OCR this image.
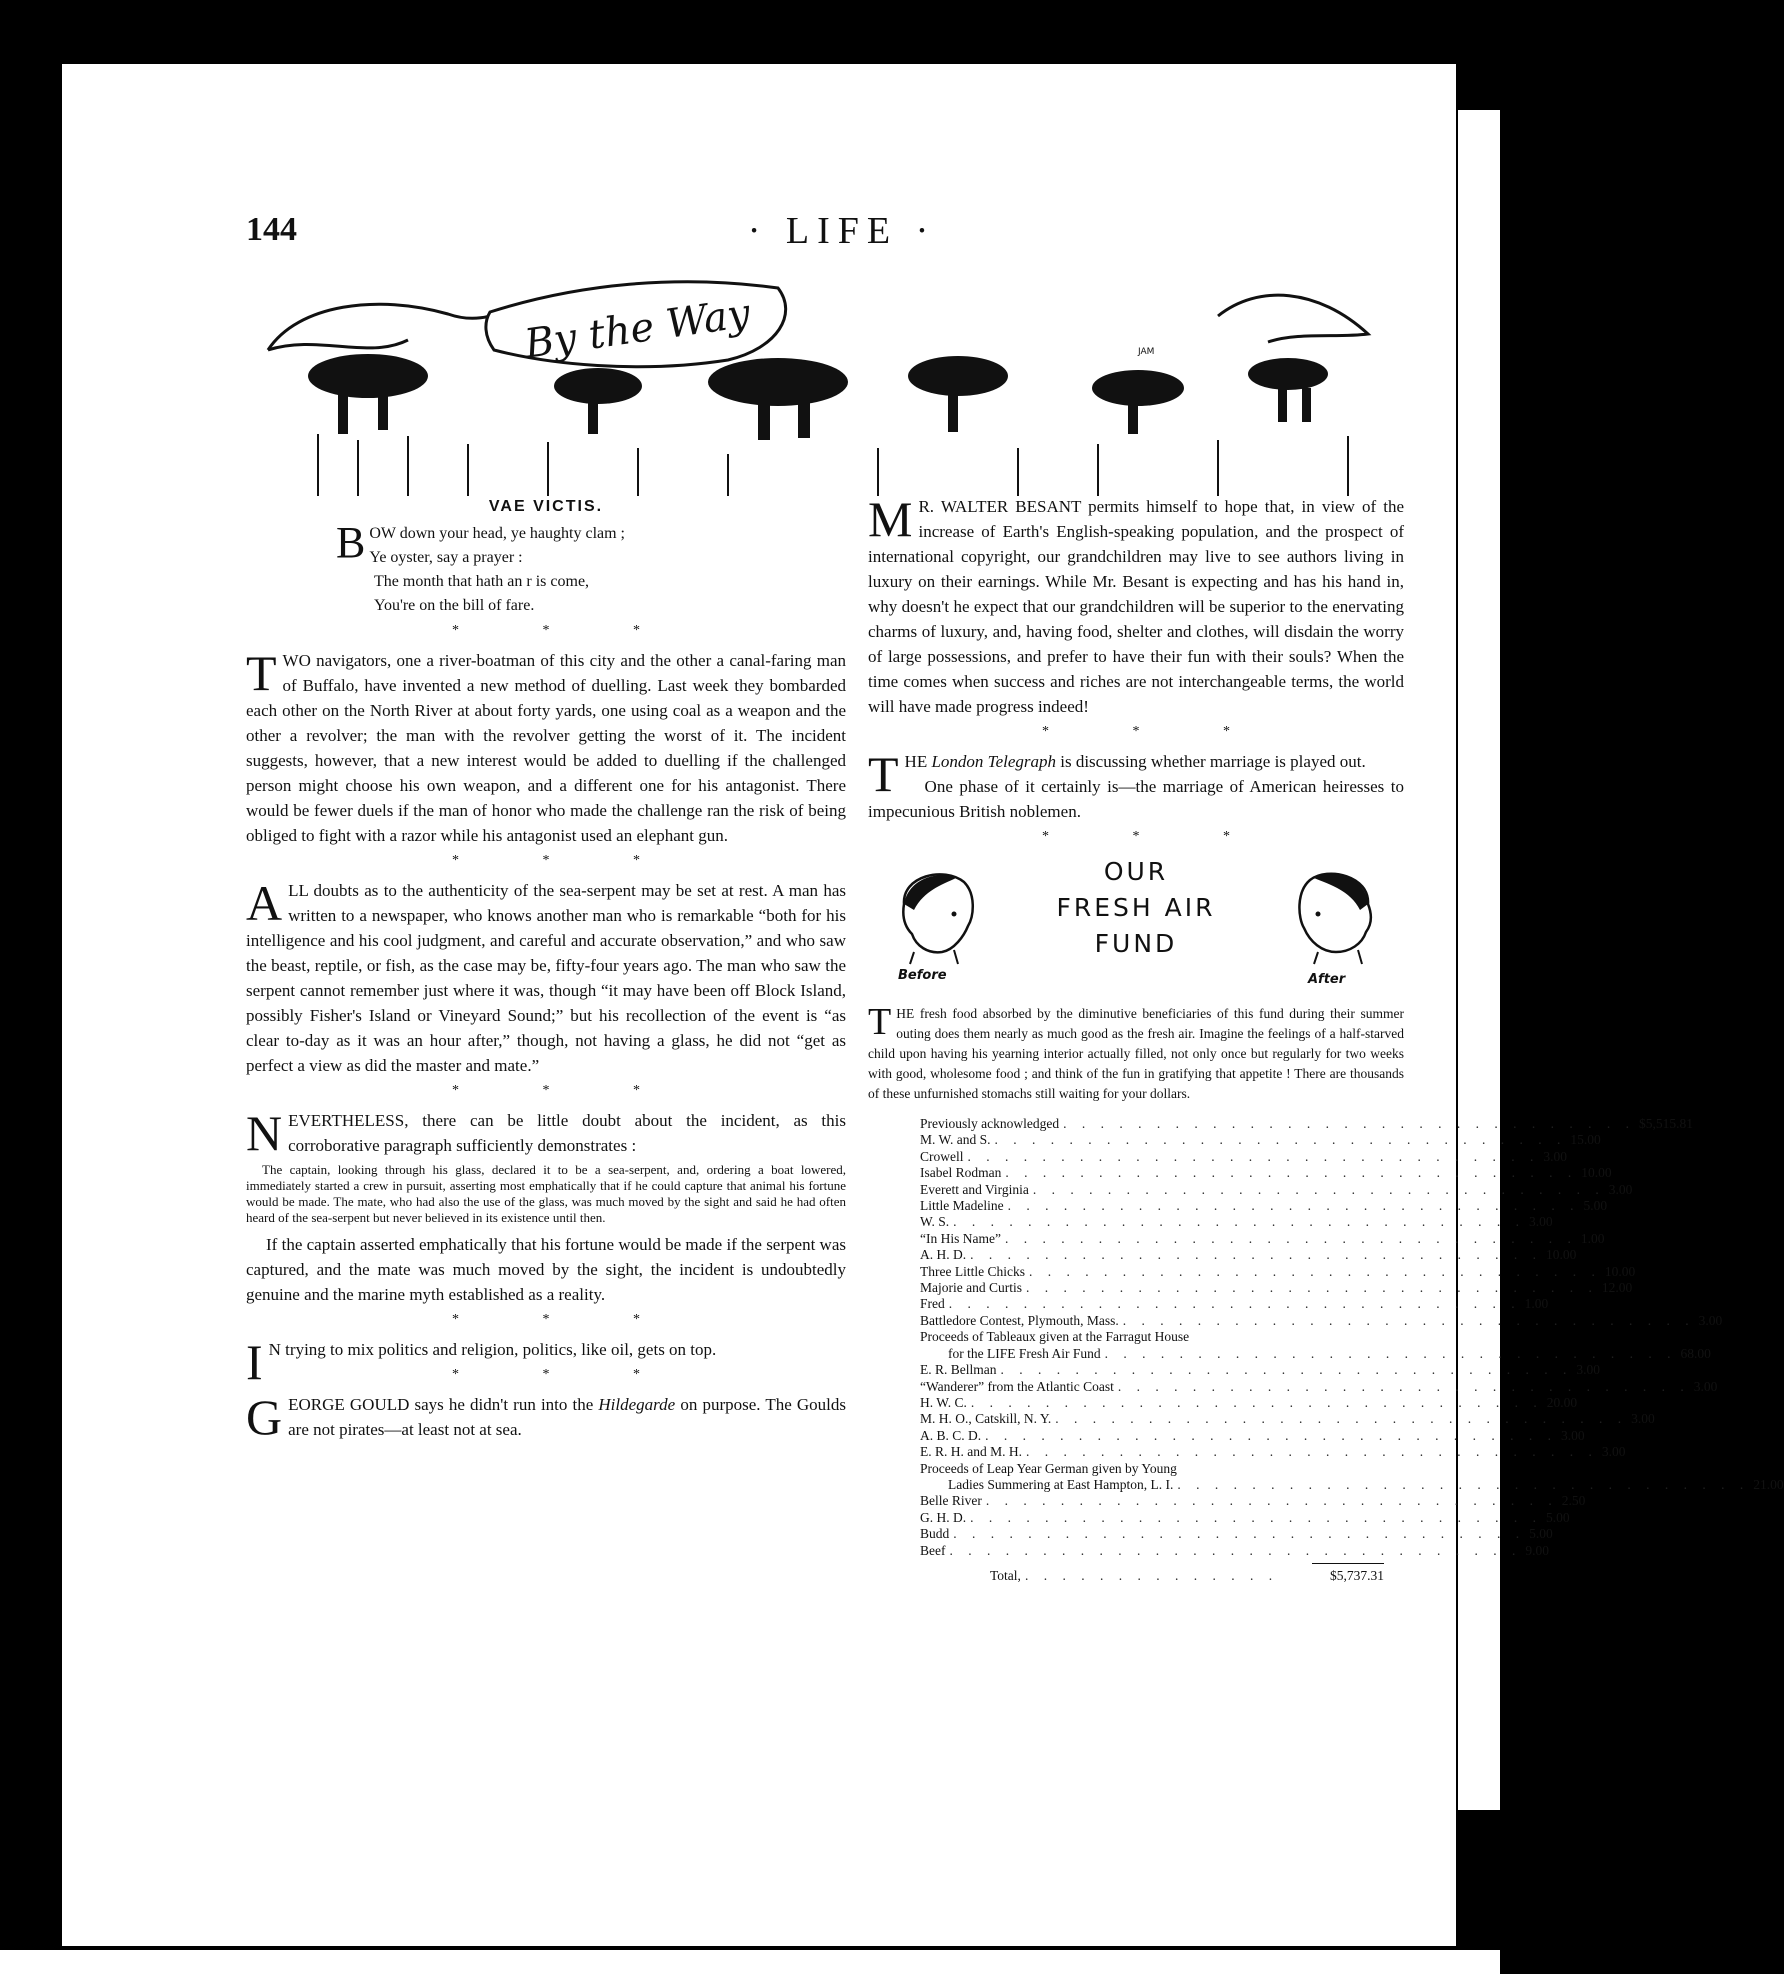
144	· LIFE ·
By the Way	JAM
VAE VICTIS.
B OW down your head, ye haughty clam ;
Ye oyster, say a prayer :
The month that hath an r is come,
You're on the bill of fare.
* * *

TWO navigators, one a river-boatman of this city and the other a canal-faring man of Buffalo, have invented a new method of duelling. Last week they bombarded each other on the North River at about forty yards, one using coal as a weapon and the other a revolver; the man with the revolver getting the worst of it. The incident suggests, however, that a new interest would be added to duelling if the challenged person might choose his own weapon, and a different one for his antagonist. There would be fewer duels if the man of honor who made the challenge ran the risk of being obliged to fight with a razor while his antagonist used an elephant gun.

* * *

ALL doubts as to the authenticity of the sea-serpent may be set at rest. A man has written to a newspaper, who knows another man who is remarkable “both for his intelligence and his cool judgment, and careful and accurate observation,” and who saw the beast, reptile, or fish, as the case may be, fifty-four years ago. The man who saw the serpent cannot remember just where it was, though “it may have been off Block Island, possibly Fisher's Island or Vineyard Sound;” but his recollection of the event is “as clear to-day as it was an hour after,” though, not having a glass, he did not “get as perfect a view as did the master and mate.”

* * *

NEVERTHELESS, there can be little doubt about the incident, as this corroborative paragraph sufficiently demonstrates :

The captain, looking through his glass, declared it to be a sea-serpent, and, ordering a boat lowered, immediately started a crew in pursuit, asserting most emphatically that if he could capture that animal his fortune would be made. The mate, who had also the use of the glass, was much moved by the sight and said he had often heard of the sea-serpent but never believed in its existence until then.

If the captain asserted emphatically that his fortune would be made if the serpent was captured, and the mate was much moved by the sight, the incident is undoubtedly genuine and the marine myth established as a reality.

* * *

I N trying to mix politics and religion, politics, like oil, gets on top.

* * *

GEORGE GOULD says he didn't run into the Hildegarde on purpose. The Goulds are not pirates—at least not at sea.

M R. WALTER BESANT permits himself to hope that, in view of the increase of Earth's English-speaking population, and the prospect of international copyright, our grandchildren may live to see authors living in luxury on their earnings. While Mr. Besant is expecting and has his hand in, why doesn't he expect that our grandchildren will be superior to the enervating charms of luxury, and, having food, shelter and clothes, will disdain the worry of large possessions, and prefer to have their fun with their souls? When the time comes when success and riches are not interchangeable terms, the world will have made progress indeed!

* * *

THE London Telegraph is discussing whether marriage is played out.

One phase of it certainly is—the marriage of American heiresses to impecunious British noblemen.

* * *
OUR
FRESH AIR
FUND
Before	After

THE fresh food absorbed by the diminutive beneficiaries of this fund during their summer outing does them nearly as much good as the fresh air. Imagine the feelings of a half-starved child upon having his yearning interior actually filled, not only once but regularly for two weeks with good, wholesome food ; and think of the fun in gratifying that appetite ! There are thousands of these unfurnished stomachs still waiting for your dollars.

Previously acknowledged . . . . . . . . . . . . . . . . . . . . . . . . . . . . . . . $5,515.81
M. W. and S. . . . . . . . . . . . . . . . . . . . . . . . . . . . . . . . 15.00
Crowell . . . . . . . . . . . . . . . . . . . . . . . . . . . . . . . 3.00
Isabel Rodman . . . . . . . . . . . . . . . . . . . . . . . . . . . . . . . 10.00
Everett and Virginia . . . . . . . . . . . . . . . . . . . . . . . . . . . . . . . 3.00
Little Madeline . . . . . . . . . . . . . . . . . . . . . . . . . . . . . . . 5.00
W. S. . . . . . . . . . . . . . . . . . . . . . . . . . . . . . . . 3.00
“In His Name” . . . . . . . . . . . . . . . . . . . . . . . . . . . . . . . 1.00
A. H. D. . . . . . . . . . . . . . . . . . . . . . . . . . . . . . . . 10.00
Three Little Chicks . . . . . . . . . . . . . . . . . . . . . . . . . . . . . . . 10.00
Majorie and Curtis . . . . . . . . . . . . . . . . . . . . . . . . . . . . . . . 12.00
Fred . . . . . . . . . . . . . . . . . . . . . . . . . . . . . . . 1.00
Battledore Contest, Plymouth, Mass. . . . . . . . . . . . . . . . . . . . . . . . . . . . . . . . 3.00
Proceeds of Tableaux given at the Farragut House
for the LIFE Fresh Air Fund . . . . . . . . . . . . . . . . . . . . . . . . . . . . . . . 68.00
E. R. Bellman . . . . . . . . . . . . . . . . . . . . . . . . . . . . . . . 3.00
“Wanderer” from the Atlantic Coast . . . . . . . . . . . . . . . . . . . . . . . . . . . . . . . 3.00
H. W. C. . . . . . . . . . . . . . . . . . . . . . . . . . . . . . . . 20.00
M. H. O., Catskill, N. Y. . . . . . . . . . . . . . . . . . . . . . . . . . . . . . . . 3.00
A. B. C. D. . . . . . . . . . . . . . . . . . . . . . . . . . . . . . . . 3.00
E. R. H. and M. H. . . . . . . . . . . . . . . . . . . . . . . . . . . . . . . . 3.00
Proceeds of Leap Year German given by Young
Ladies Summering at East Hampton, L. I. . . . . . . . . . . . . . . . . . . . . . . . . . . . . . . . 21.00
Belle River . . . . . . . . . . . . . . . . . . . . . . . . . . . . . . . 2.50
G. H. D. . . . . . . . . . . . . . . . . . . . . . . . . . . . . . . . 5.00
Budd . . . . . . . . . . . . . . . . . . . . . . . . . . . . . . . 5.00
Beef . . . . . . . . . . . . . . . . . . . . . . . . . . . . . . . 9.00
Total, . . . . . . . . . . . . . .	$5,737.31
comicbooks.com
